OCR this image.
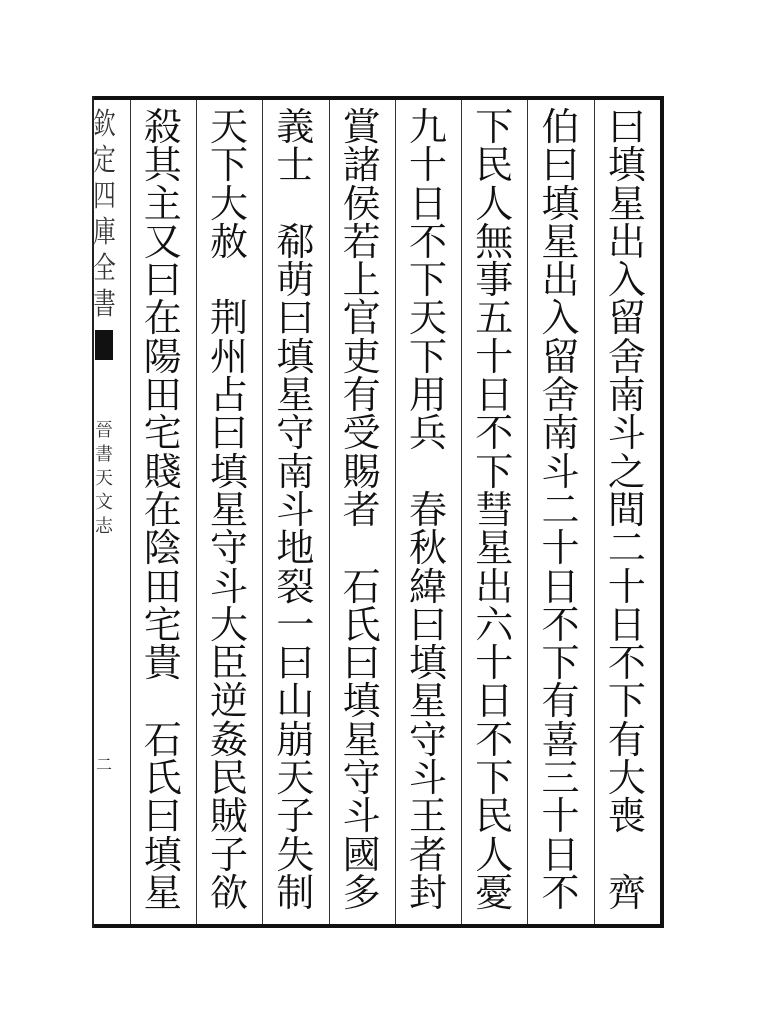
欽
定
四
庫
全
書
晉
書
天
文
志
二
曰
填
星
出
入
留
舍
南
斗
之
間
二
十
日
不
下
有
大
喪

齊
伯
曰
填
星
出
入
留
舍
南
斗
二
十
日
不
下
有
喜
三
十
日
不
下
民
人
無
事
五
十
日
不
下
彗
星
出
六
十
日
不
下
民
人
憂
九
十
日
不
下
天
下
用
兵

春
秋
緯
曰
填
星
守
斗
王
者
封
賞
諸
侯
若
上
官
吏
有
受
賜
者

石
氏
曰
填
星
守
斗
國
多
義
士

郗
萌
曰
填
星
守
南
斗
地
裂
一
曰
山
崩
天
子
失
制
天
下
大
赦

荆
州
占
曰
填
星
守
斗
大
臣
逆
姦
民
賊
子
欲
殺
其
主
又
曰
在
陽
田
宅
賤
在
陰
田
宅
貴

石
氏
曰
填
星
